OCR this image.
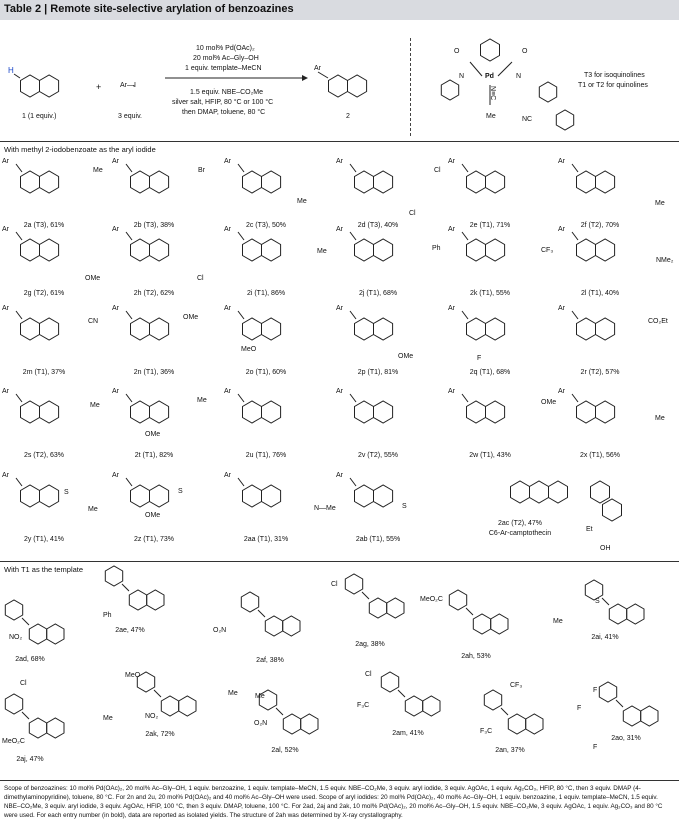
Table 2 | Remote site-selective arylation of benzoazines
H
1 (1 equiv.)
+	Ar—I
3 equiv.
10 mol% Pd(OAc)₂
20 mol% Ac–Gly–OH
1 equiv. template–MeCN
1.5 equiv. NBE–CO₂Me
silver salt, HFIP, 80 °C or 100 °C
then DMAP, toluene, 80 °C
Ar
2
T3 for isoquinolines
T1 or T2 for quinolines
Pd
N	N
O	O
N≡C
Me	NC
With methyl 2-iodobenzoate as the aryl iodide
With T1 as the template
2a (T3), 61%	2b (T3), 38%	2c (T3), 50%	2d (T3), 40%	2e (T1), 71%	2f (T2), 70%
2g (T2), 61%	2h (T2), 62%	2i (T1), 86%	2j (T1), 68%	2k (T1), 55%	2l (T1), 40%
2m (T1), 37%	2n (T1), 36%	2o (T1), 60%	2p (T1), 81%	2q (T1), 68%	2r (T2), 57%
2s (T2), 63%	2t (T1), 82%	2u (T1), 76%	2v (T2), 55%	2w (T1), 43%	2x (T1), 56%
2y (T1), 41%	2z (T1), 73%	2aa (T1), 31%	2ab (T1), 55%
2ad, 68%
2ae, 47%
2af, 38%
2ag, 38%
2ah, 53%
2ai, 41%
2aj, 47%
2ak, 72%
2al, 52%
2am, 41%
2an, 37%
2ao, 31%
2ac (T2), 47%
C6-Ar-camptothecin
Me	Br
Me
Cl
Cl
Me
OMe	Cl
Me	Ph	CF₃
NMe₂
CN
OMe
MeO
OMe	F
CO₂Et
Me
OMe
Me	OMe
Me
Me
S
OMe
S
N—Me	S
OH
Et
Ph
NO₂
O₂N
Cl
MeO₂C
Me
S
Cl
Me
MeO₂C
MeO
Me
NO₂
Me
O₂N
Cl
F₃C
CF₃
F₃C
F
F
F
Ar	Ar	Ar	Ar	Ar	Ar
Ar	Ar	Ar	Ar	Ar	Ar
Ar	Ar	Ar	Ar	Ar	Ar
Ar	Ar	Ar	Ar	Ar	Ar
Ar	Ar	Ar	Ar
Scope of benzoazines: 10 mol% Pd(OAc)₂, 20 mol% Ac–Gly–OH, 1 equiv. benzoazine, 1 equiv. template–MeCN, 1.5 equiv. NBE–CO₂Me, 3 equiv. aryl iodide, 3 equiv. AgOAc, 1 equiv. Ag₂CO₃, HFIP, 80 °C, then 3 equiv. DMAP (4-dimethylaminopyridine), toluene, 80 °C. For 2n and 2u, 20 mol% Pd(OAc)₂ and 40 mol% Ac–Gly–OH were used. Scope of aryl iodides: 20 mol% Pd(OAc)₂, 40 mol% Ac–Gly–OH, 1 equiv. benzoazine, 1 equiv. template–MeCN, 1.5 equiv. NBE–CO₂Me, 3 equiv. aryl iodide, 3 equiv. AgOAc, HFIP, 100 °C, then 3 equiv. DMAP, toluene, 100 °C. For 2ad, 2aj and 2ak, 10 mol% Pd(OAc)₂, 20 mol% Ac–Gly–OH, 1.5 equiv. NBE–CO₂Me, 3 equiv. AgOAc, 1 equiv. Ag₂CO₃ and 80 °C were used. For each entry number (in bold), data are reported as isolated yields. The structure of 2ah was determined by X-ray crystallography.
